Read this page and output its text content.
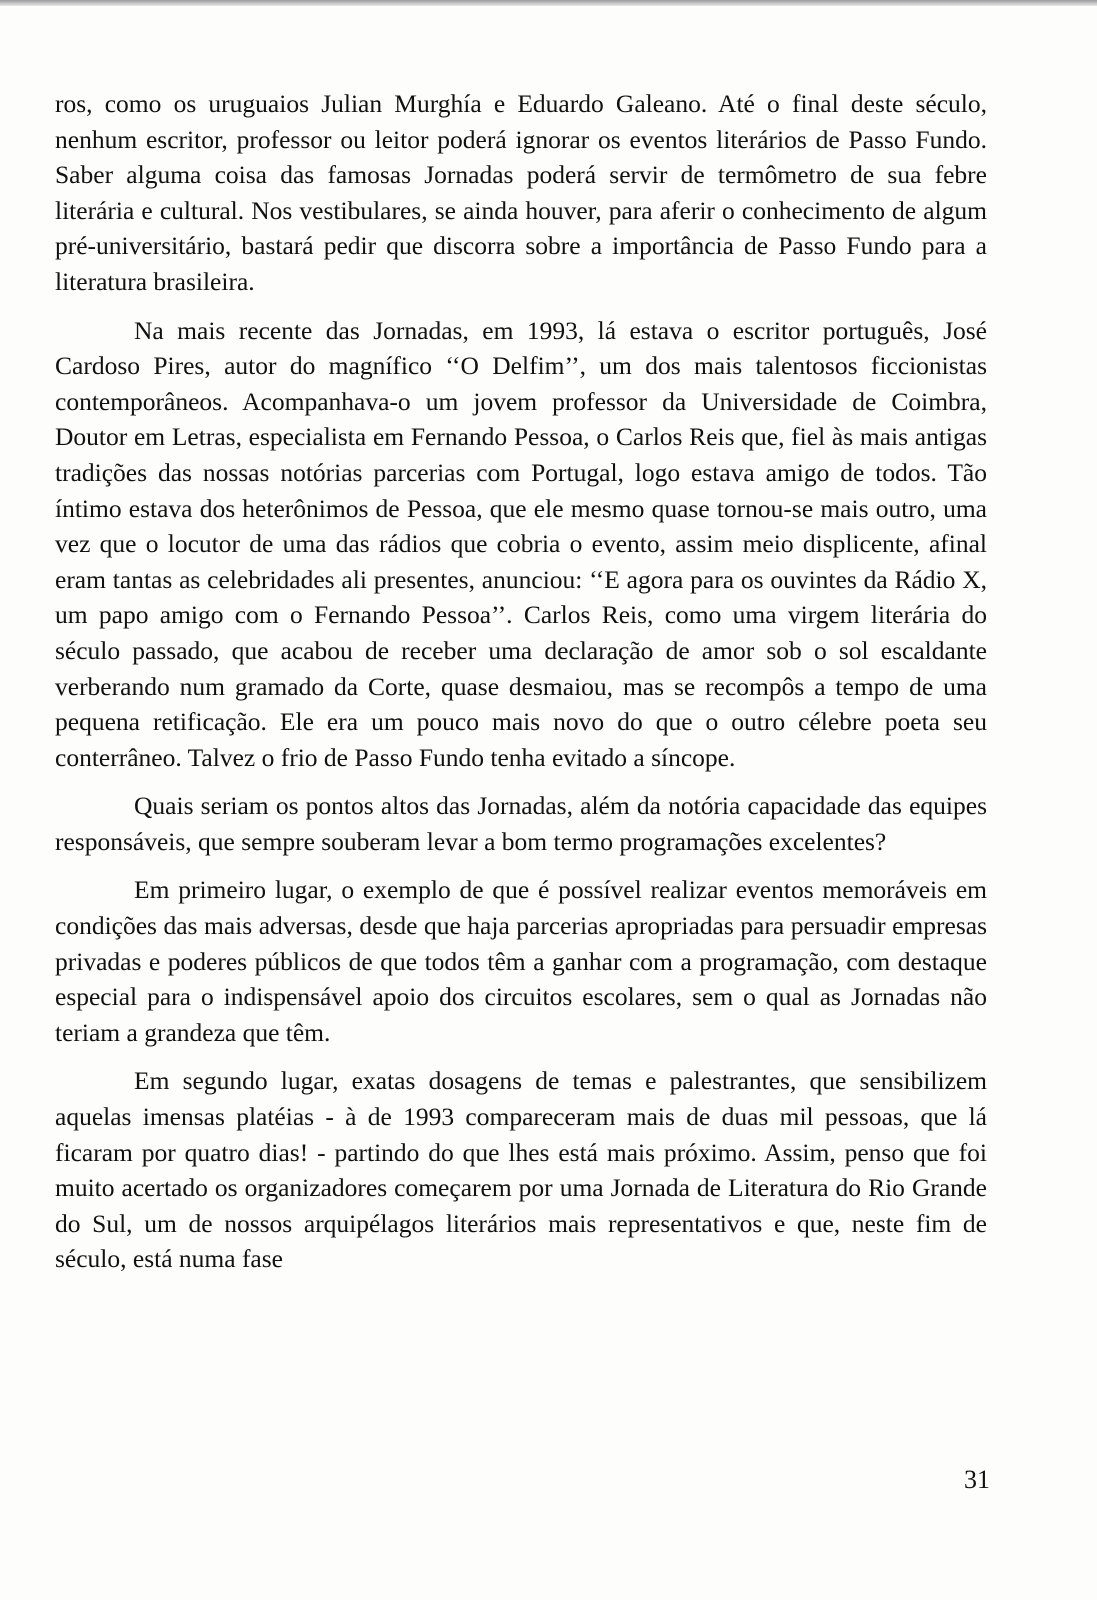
ros, como os uruguaios Julian Murghía e Eduardo Galeano. Até o final deste século, nenhum escritor, professor ou leitor poderá ignorar os eventos literários de Passo Fundo. Saber alguma coisa das famosas Jornadas poderá servir de termômetro de sua febre literária e cultural. Nos vestibulares, se ainda houver, para aferir o conhecimento de algum pré-universitário, bastará pedir que discorra sobre a importância de Passo Fundo para a literatura brasileira.

Na mais recente das Jornadas, em 1993, lá estava o escritor português, José Cardoso Pires, autor do magnífico ‘‘O Delfim’’, um dos mais talentosos ficcionistas contemporâneos. Acompanhava-o um jovem professor da Universidade de Coimbra, Doutor em Letras, especialista em Fernando Pessoa, o Carlos Reis que, fiel às mais antigas tradições das nossas notórias parcerias com Portugal, logo estava amigo de todos. Tão íntimo estava dos heterônimos de Pessoa, que ele mesmo quase tornou-se mais outro, uma vez que o locutor de uma das rádios que cobria o evento, assim meio displicente, afinal eram tantas as celebridades ali presentes, anunciou: ‘‘E agora para os ouvintes da Rádio X, um papo amigo com o Fernando Pessoa’’. Carlos Reis, como uma virgem literária do século passado, que acabou de receber uma declaração de amor sob o sol escaldante verberando num gramado da Corte, quase desmaiou, mas se recompôs a tempo de uma pequena retificação. Ele era um pouco mais novo do que o outro célebre poeta seu conterrâneo. Talvez o frio de Passo Fundo tenha evitado a síncope.

Quais seriam os pontos altos das Jornadas, além da notória capacidade das equipes responsáveis, que sempre souberam levar a bom termo programações excelentes?

Em primeiro lugar, o exemplo de que é possível realizar eventos memoráveis em condições das mais adversas, desde que haja parcerias apropriadas para persuadir empresas privadas e poderes públicos de que todos têm a ganhar com a programação, com destaque especial para o indispensável apoio dos circuitos escolares, sem o qual as Jornadas não teriam a grandeza que têm.

Em segundo lugar, exatas dosagens de temas e palestrantes, que sensibilizem aquelas imensas platéias - à de 1993 compareceram mais de duas mil pessoas, que lá ficaram por quatro dias! - partindo do que lhes está mais próximo. Assim, penso que foi muito acertado os organizadores começarem por uma Jornada de Literatura do Rio Grande do Sul, um de nossos arquipélagos literários mais representativos e que, neste fim de século, está numa fase

31
